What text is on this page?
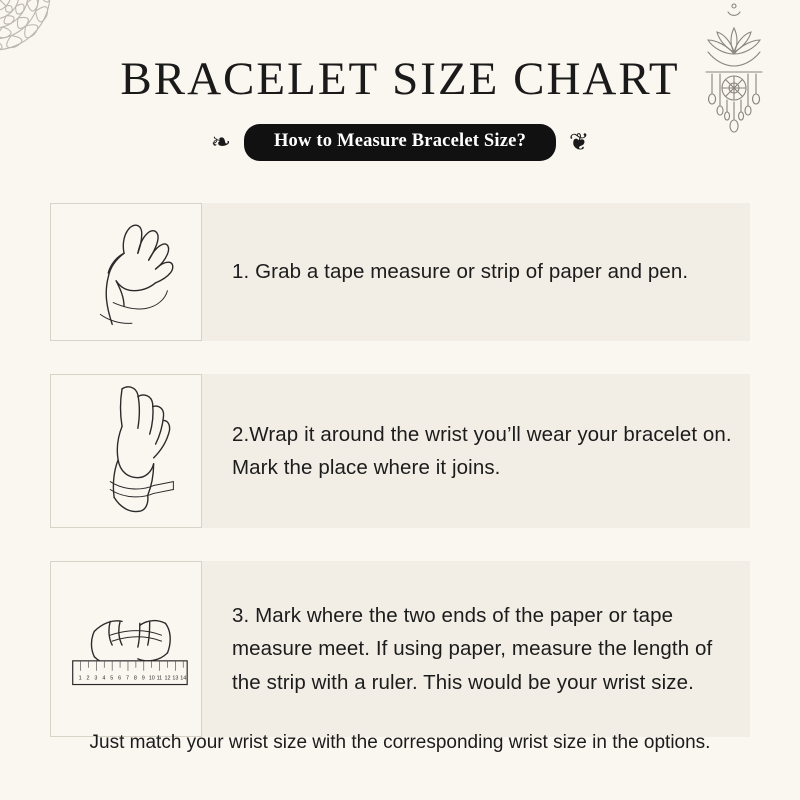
BRACELET SIZE CHART
❧	How to Measure Bracelet Size?	❦
1. Grab a tape measure or strip of paper and pen.
2.Wrap it around the wrist you’ll wear your bracelet on. Mark the place where it joins.
1 2 3 4 5 6 7 8 9 10 11 12 13 14
3. Mark where the two ends of the paper or tape measure meet. If using paper, measure the length of the strip with a ruler. This would be your wrist size.
Just match your wrist size with the corresponding wrist size in the options.
